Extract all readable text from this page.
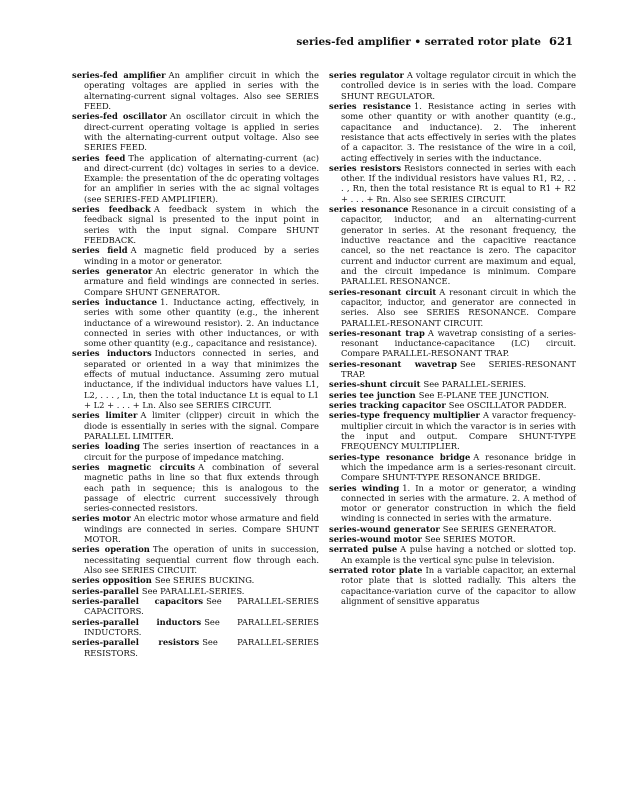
series-fed amplifier • serrated rotor plate 621

series-fed amplifier An amplifier circuit in which the operating voltages are applied in series with the alternating-current signal voltages. Also see SERIES FEED.

series-fed oscillator An oscillator circuit in which the direct-current operating voltage is applied in series with the alternating-current output voltage. Also see SERIES FEED.

series feed The application of alternating-current (ac) and direct-current (dc) voltages in series to a device. Example: the presentation of the dc operating voltages for an amplifier in series with the ac signal voltages (see SERIES-FED AMPLIFIER).

series feedback A feedback system in which the feedback signal is presented to the input point in series with the input signal. Compare SHUNT FEEDBACK.

series field A magnetic field produced by a series winding in a motor or generator.

series generator An electric generator in which the armature and field windings are connected in series. Compare SHUNT GENERATOR.

series inductance 1. Inductance acting, effectively, in series with some other quantity (e.g., the inherent inductance of a wirewound resistor). 2. An inductance connected in series with other inductances, or with some other quantity (e.g., capacitance and resistance).

series inductors Inductors connected in series, and separated or oriented in a way that minimizes the effects of mutual inductance. Assuming zero mutual inductance, if the individual inductors have values L1, L2, . . . , Ln, then the total inductance Lt is equal to L1 + L2 + . . . + Ln. Also see SERIES CIRCUIT.

series limiter A limiter (clipper) circuit in which the diode is essentially in series with the signal. Compare PARALLEL LIMITER.

series loading The series insertion of reactances in a circuit for the purpose of impedance matching.

series magnetic circuits A combination of several magnetic paths in line so that flux extends through each path in sequence; this is analogous to the passage of electric current successively through series-connected resistors.

series motor An electric motor whose armature and field windings are connected in series. Compare SHUNT MOTOR.

series operation The operation of units in succession, necessitating sequential current flow through each. Also see SERIES CIRCUIT.

series opposition See SERIES BUCKING.

series-parallel See PARALLEL-SERIES.

series-parallel capacitors See PARALLEL-SERIES CAPACITORS.

series-parallel inductors See PARALLEL-SERIES INDUCTORS.

series-parallel resistors See PARALLEL-SERIES RESISTORS.

series regulator A voltage regulator circuit in which the controlled device is in series with the load. Compare SHUNT REGULATOR.

series resistance 1. Resistance acting in series with some other quantity or with another quantity (e.g., capacitance and inductance). 2. The inherent resistance that acts effectively in series with the plates of a capacitor. 3. The resistance of the wire in a coil, acting effectively in series with the inductance.

series resistors Resistors connected in series with each other. If the individual resistors have values R1, R2, . . . , Rn, then the total resistance Rt is equal to R1 + R2 + . . . + Rn. Also see SERIES CIRCUIT.

series resonance Resonance in a circuit consisting of a capacitor, inductor, and an alternating-current generator in series. At the resonant frequency, the inductive reactance and the capacitive reactance cancel, so the net reactance is zero. The capacitor current and inductor current are maximum and equal, and the circuit impedance is minimum. Compare PARALLEL RESONANCE.

series-resonant circuit A resonant circuit in which the capacitor, inductor, and generator are connected in series. Also see SERIES RESONANCE. Compare PARALLEL-RESONANT CIRCUIT.

series-resonant trap A wavetrap consisting of a series-resonant inductance-capacitance (LC) circuit. Compare PARALLEL-RESONANT TRAP.

series-resonant wavetrap See SERIES-RESONANT TRAP.

series-shunt circuit See PARALLEL-SERIES.

series tee junction See E-PLANE TEE JUNCTION.

series tracking capacitor See OSCILLATOR PADDER.

series-type frequency multiplier A varactor frequency-multiplier circuit in which the varactor is in series with the input and output. Compare SHUNT-TYPE FREQUENCY MULTIPLIER.

series-type resonance bridge A resonance bridge in which the impedance arm is a series-resonant circuit. Compare SHUNT-TYPE RESONANCE BRIDGE.

series winding 1. In a motor or generator, a winding connected in series with the armature. 2. A method of motor or generator construction in which the field winding is connected in series with the armature.

series-wound generator See SERIES GENERATOR.

series-wound motor See SERIES MOTOR.

serrated pulse A pulse having a notched or slotted top. An example is the vertical sync pulse in television.

serrated rotor plate In a variable capacitor, an external rotor plate that is slotted radially. This alters the capacitance-variation curve of the capacitor to allow alignment of sensitive apparatus
